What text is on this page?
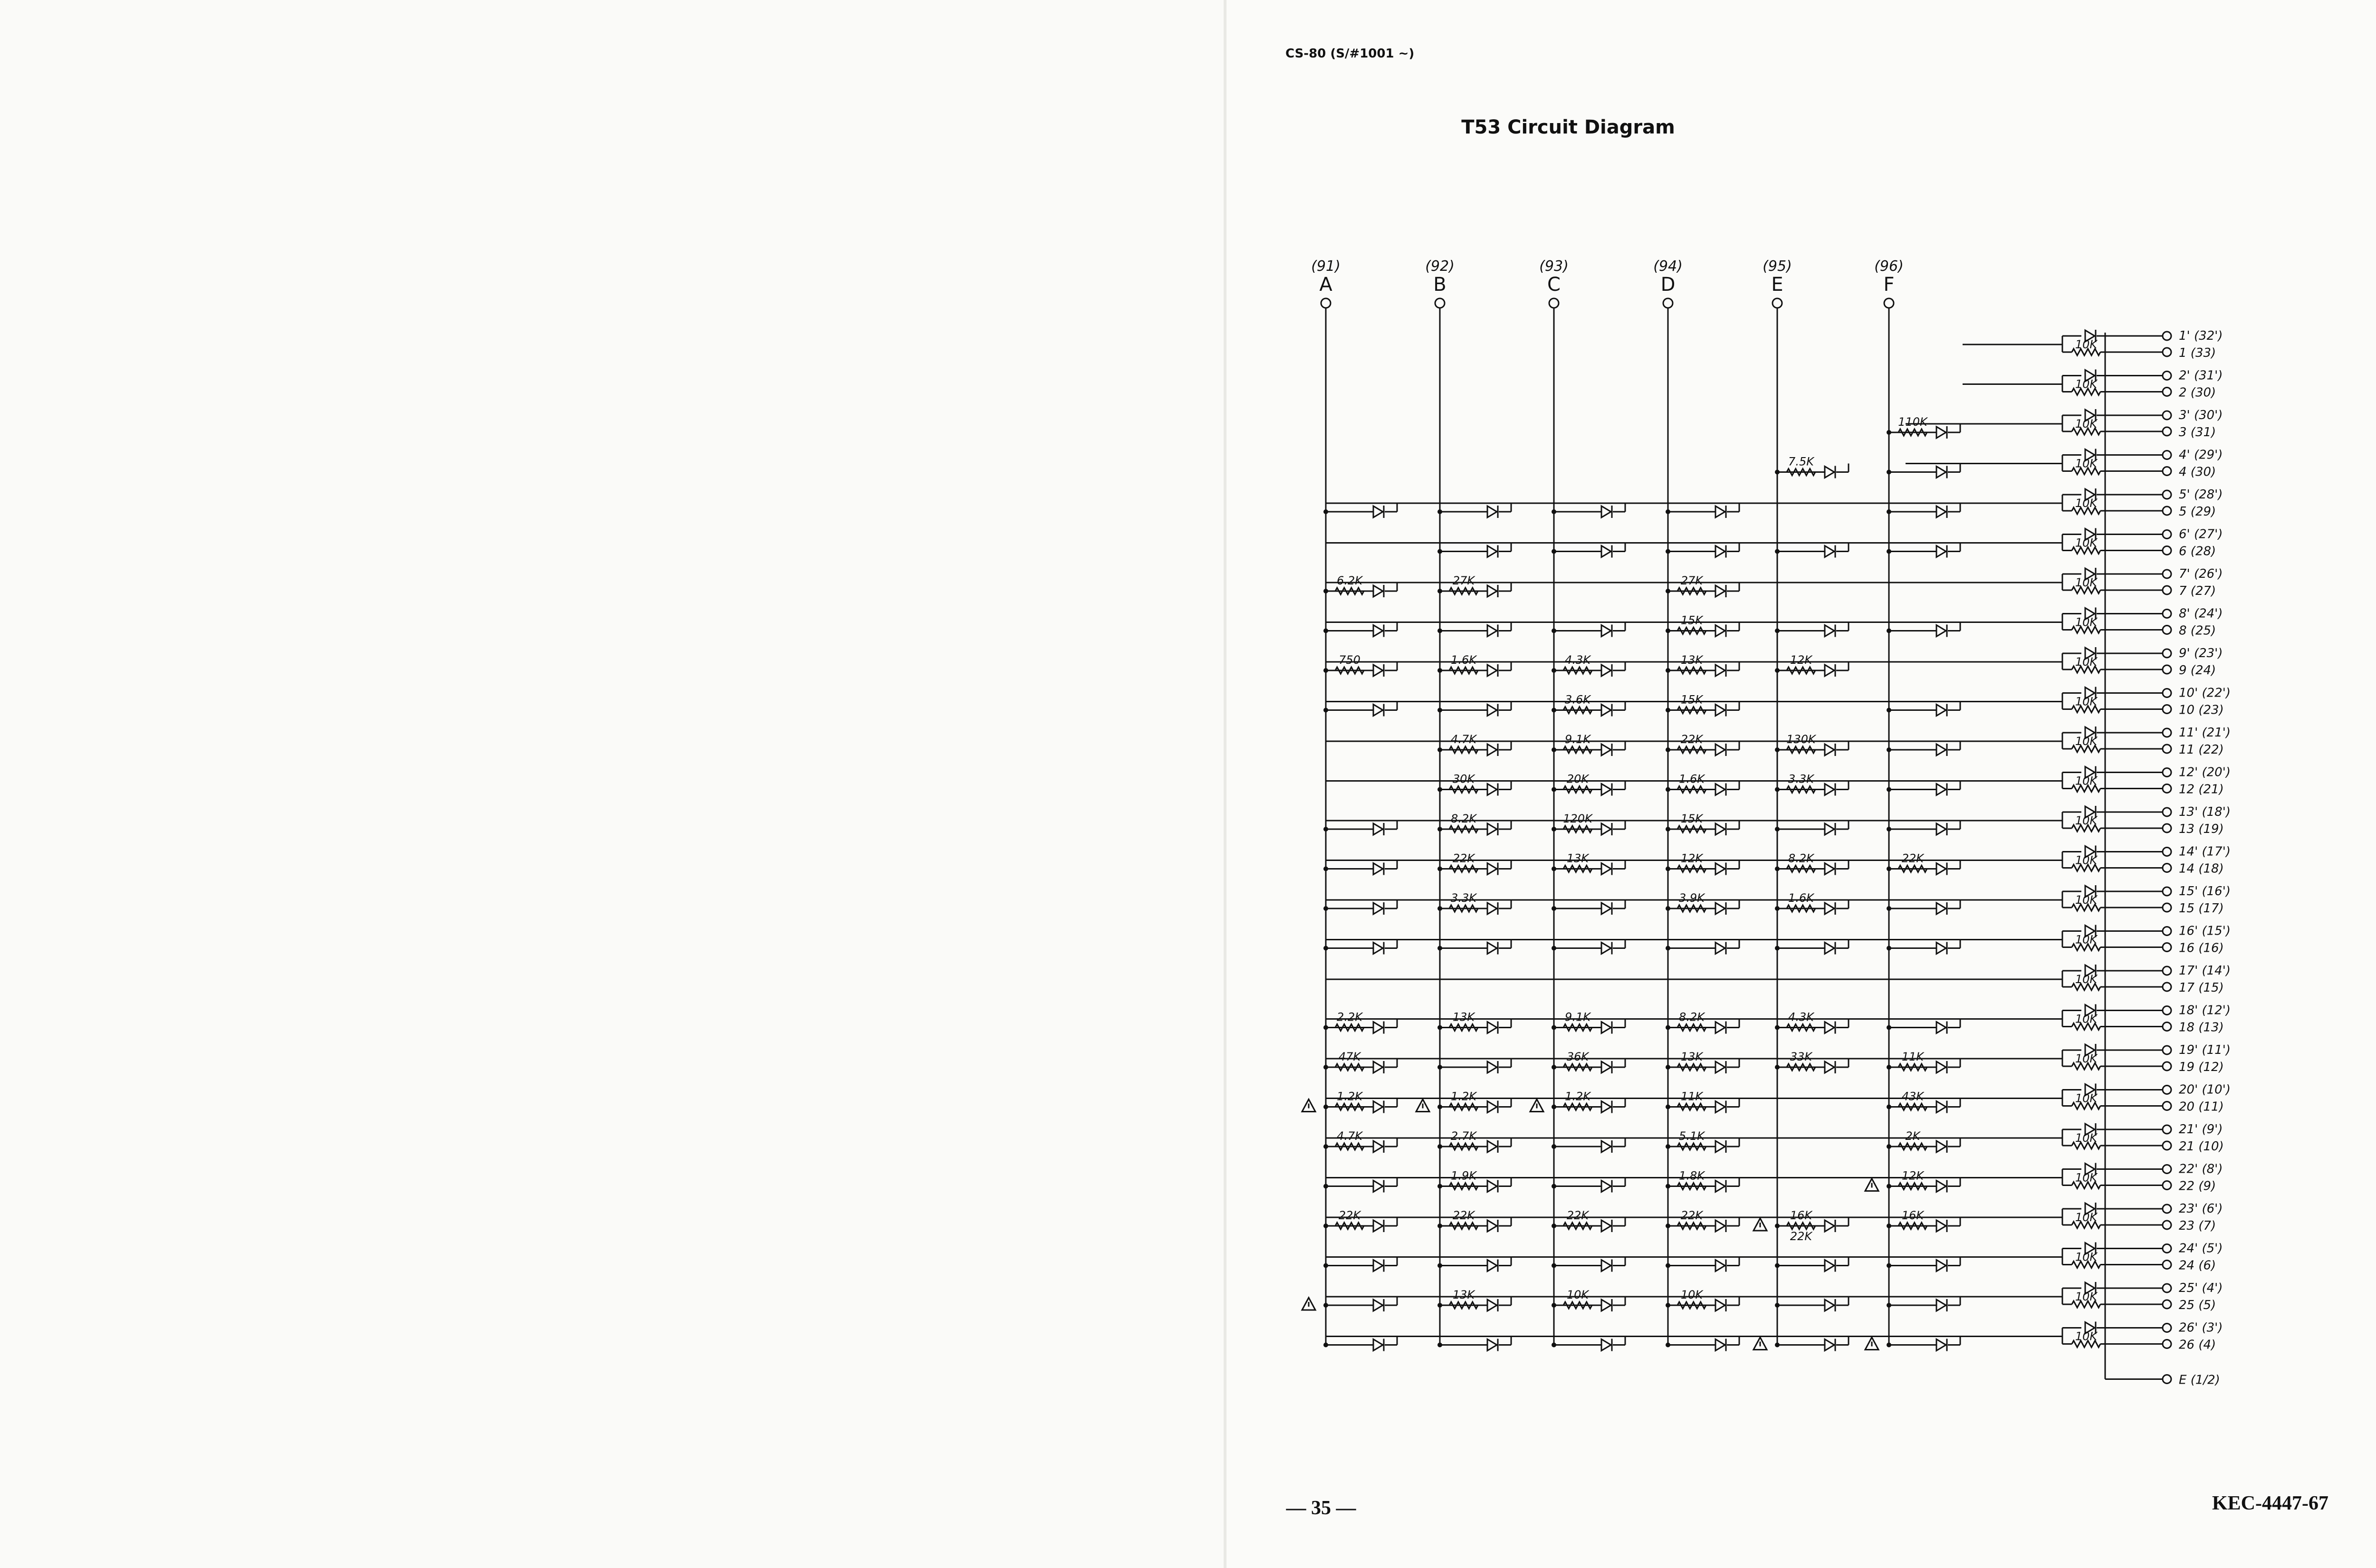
CS-80 (S/#1001 ~)
T53 Circuit Diagram
(91)
A
(92)
B
(93)
C
(94)
D
(95)
E
(96)
F
E (1/2)
10K
1' (32')
1 (33)
10K
2' (31')
2 (30)
10K
3' (30')
3 (31)
10K
4' (29')
4 (30)
10K
5' (28')
5 (29)
10K
6' (27')
6 (28)
10K
7' (26')
7 (27)
10K
8' (24')
8 (25)
10K
9' (23')
9 (24)
10K
10' (22')
10 (23)
10K
11' (21')
11 (22)
10K
12' (20')
12 (21)
10K
13' (18')
13 (19)
10K
14' (17')
14 (18)
10K
15' (16')
15 (17)
10K
16' (15')
16 (16)
10K
17' (14')
17 (15)
10K
18' (12')
18 (13)
10K
19' (11')
19 (12)
10K
20' (10')
20 (11)
10K
21' (9')
21 (10)
10K
22' (8')
22 (9)
10K
23' (6')
23 (7)
10K
24' (5')
24 (6)
10K
25' (4')
25 (5)
10K
26' (3')
26 (4)
110K
7.5K
6.2K	27K	27K
15K
750	1.6K	4.3K	13K	12K
3.6K	15K
4.7K	9.1K	22K	130K
30K	20K	1.6K	3.3K
8.2K	120K	15K
22K	13K	12K	8.2K	22K
3.3K	3.9K	1.6K
2.2K	13K	9.1K	8.2K	4.3K
47K	36K	13K	33K	11K
1.2K	1.2K	1.2K	11K	43K
4.7K	2.7K	5.1K	2K
1.9K	1.8K	12K
22K	22K	22K	22K	16K	16K
13K	10K	10K
22K
— 35 —	KEC-4447-67
